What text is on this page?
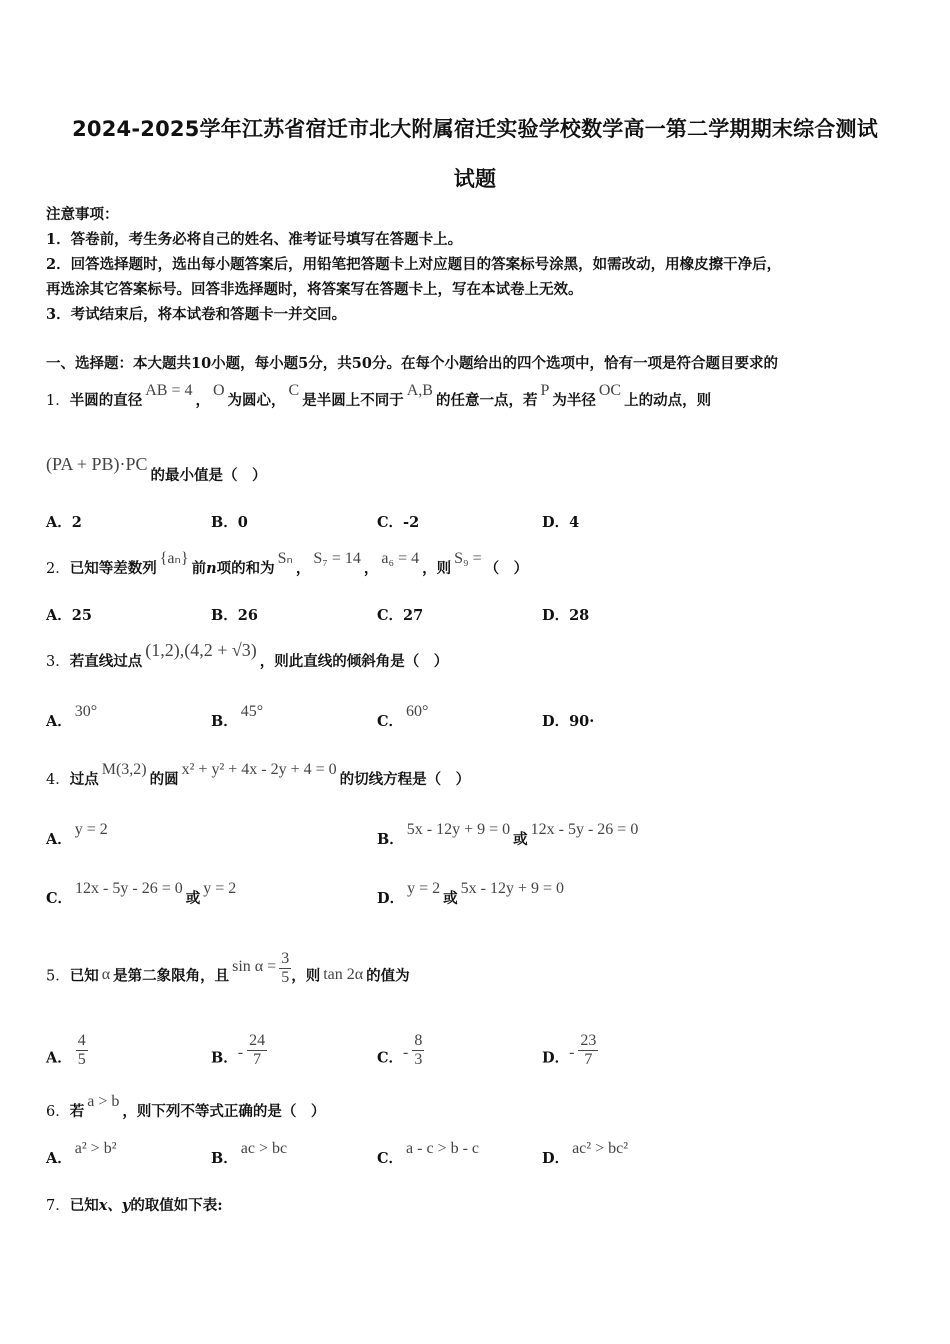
2024-2025学年江苏省宿迁市北大附属宿迁实验学校数学高一第二学期期末综合测试
试题
注意事项：
1．答卷前，考生务必将自己的姓名、准考证号填写在答题卡上。
2．回答选择题时，选出每小题答案后，用铅笔把答题卡上对应题目的答案标号涂黑，如需改动，用橡皮擦干净后，
再选涂其它答案标号。回答非选择题时，将答案写在答题卡上，写在本试卷上无效。
3．考试结束后，将本试卷和答题卡一并交回。
一、选择题：本大题共10小题，每小题5分，共50分。在每个小题给出的四个选项中，恰有一项是符合题目要求的
1．半圆的直径AB = 4，O为圆心，C是半圆上不同于A,B的任意一点，若P为半径OC上的动点，则
(PA + PB)·PC的最小值是（　）
A．2	B．0	C．-2	D．4
2．已知等差数列{aₙ}前n项的和为Sₙ，S₇ = 14，a₆ = 4，则S₉ =（　）
A．25	B．26	C．27	D．28
3．若直线过点(1,2),(4,2 + √3)，则此直线的倾斜角是（　）
A．30°
B．45°
C．60°
D．90·
4．过点M(3,2)的圆x² + y² + 4x - 2y + 4 = 0的切线方程是（　）
A．y = 2
B．5x - 12y + 9 = 0或12x - 5y - 26 = 0
C．12x - 5y - 26 = 0或y = 2
D．y = 2或5x - 12y + 9 = 0
5．已知 α 是第二象限角，且$\sin \alpha = \frac{3}{5}$ ，则 tan 2α 的值为
A． $\frac{4}{5}$	B．- $\frac{24}{7}$	C．- $\frac{8}{3}$	D．- $\frac{23}{7}$
6．若a > b，则下列不等式正确的是（　）
A．a² > b²
B．ac > bc
C．a - c > b - c
D．ac² > bc²
7．已知x、y的取值如下表:
